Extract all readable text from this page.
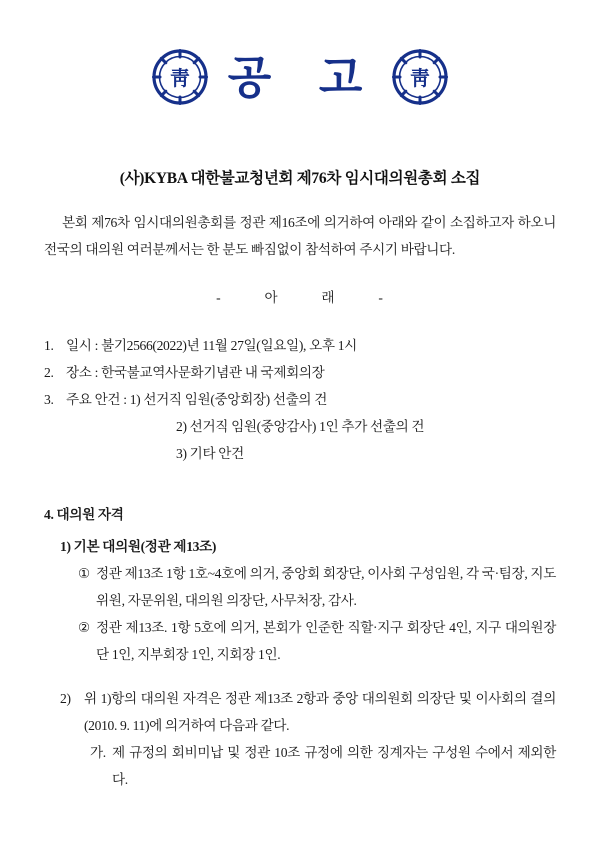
靑 공 고 靑
(사)KYBA 대한불교청년회 제76차 임시대의원총회 소집
본회 제76차 임시대의원총회를 정관 제16조에 의거하여 아래와 같이 소집하고자 하오니 전국의 대의원 여러분께서는 한 분도 빠짐없이 참석하여 주시기 바랍니다.
-	아	래	-
1. 일시 : 불기2566(2022)년 11월 27일(일요일), 오후 1시
2. 장소 : 한국불교역사문화기념관 내 국제회의장
3. 주요 안건 : 1) 선거직 임원(중앙회장) 선출의 건
2) 선거직 임원(중앙감사) 1인 추가 선출의 건
3) 기타 안건
4. 대의원 자격
1) 기본 대의원(정관 제13조)
① 정관 제13조 1항 1호~4호에 의거, 중앙회 회장단, 이사회 구성임원, 각 국·팀장, 지도위원, 자문위원, 대의원 의장단, 사무처장, 감사.
② 정관 제13조. 1항 5호에 의거, 본회가 인준한 직할·지구 회장단 4인, 지구 대의원장단 1인, 지부회장 1인, 지회장 1인.
2) 위 1)항의 대의원 자격은 정관 제13조 2항과 중앙 대의원회 의장단 및 이사회의 결의(2010. 9. 11)에 의거하여 다음과 같다.
가. 제 규정의 회비미납 및 정관 10조 규정에 의한 징계자는 구성원 수에서 제외한다.
